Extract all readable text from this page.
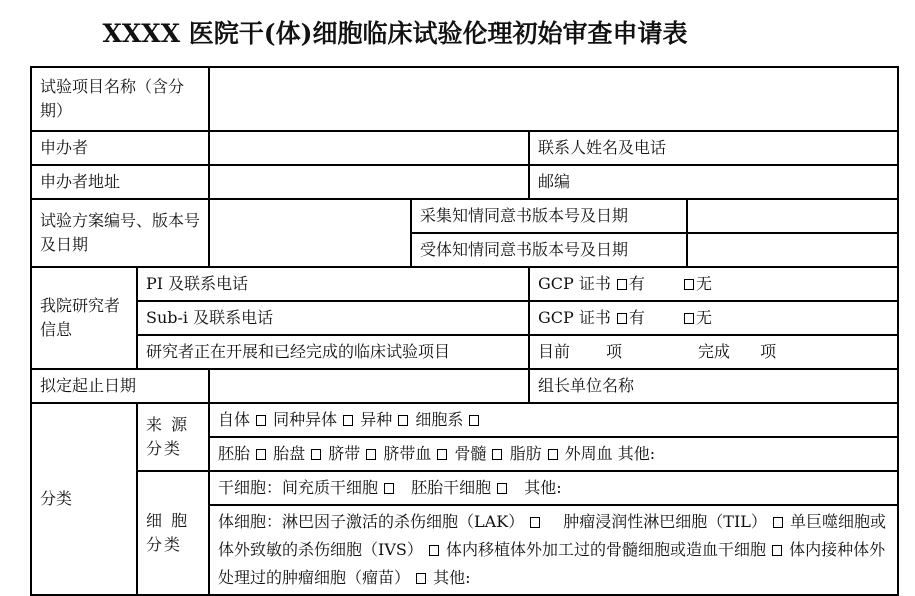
XXXX 医院干(体)细胞临床试验伦理初始审查申请表
试验项目名称（含分期）					
申办者				联系人姓名及电话	
申办者地址				邮编	
试验方案编号、版本号及日期			采集知情同意书版本号及日期		
			受体知情同意书版本号及日期		
我院研究者信息	PI 及联系电话			GCP 证书 有 无	
	Sub-i 及联系电话			GCP 证书 有 无	
	研究者正在开展和已经完成的临床试验项目			目前 项 完成 项	
拟定起止日期				组长单位名称	
分类	来 源 分类	自体 同种异体 异种 细胞系			
		胚胎 胎盘 脐带 脐带血 骨髓 脂肪 外周血 其他:			
	细 胞 分类	干细胞：间充质干细胞 胚胎干细胞 其他:			
		体细胞：淋巴因子激活的杀伤细胞（LAK） 肿瘤浸润性淋巴细胞（TIL） 单巨噬细胞或体外致敏的杀伤细胞（IVS） 体内移植体外加工过的骨髓细胞或造血干细胞 体内接种体外处理过的肿瘤细胞（瘤苗） 其他:			
